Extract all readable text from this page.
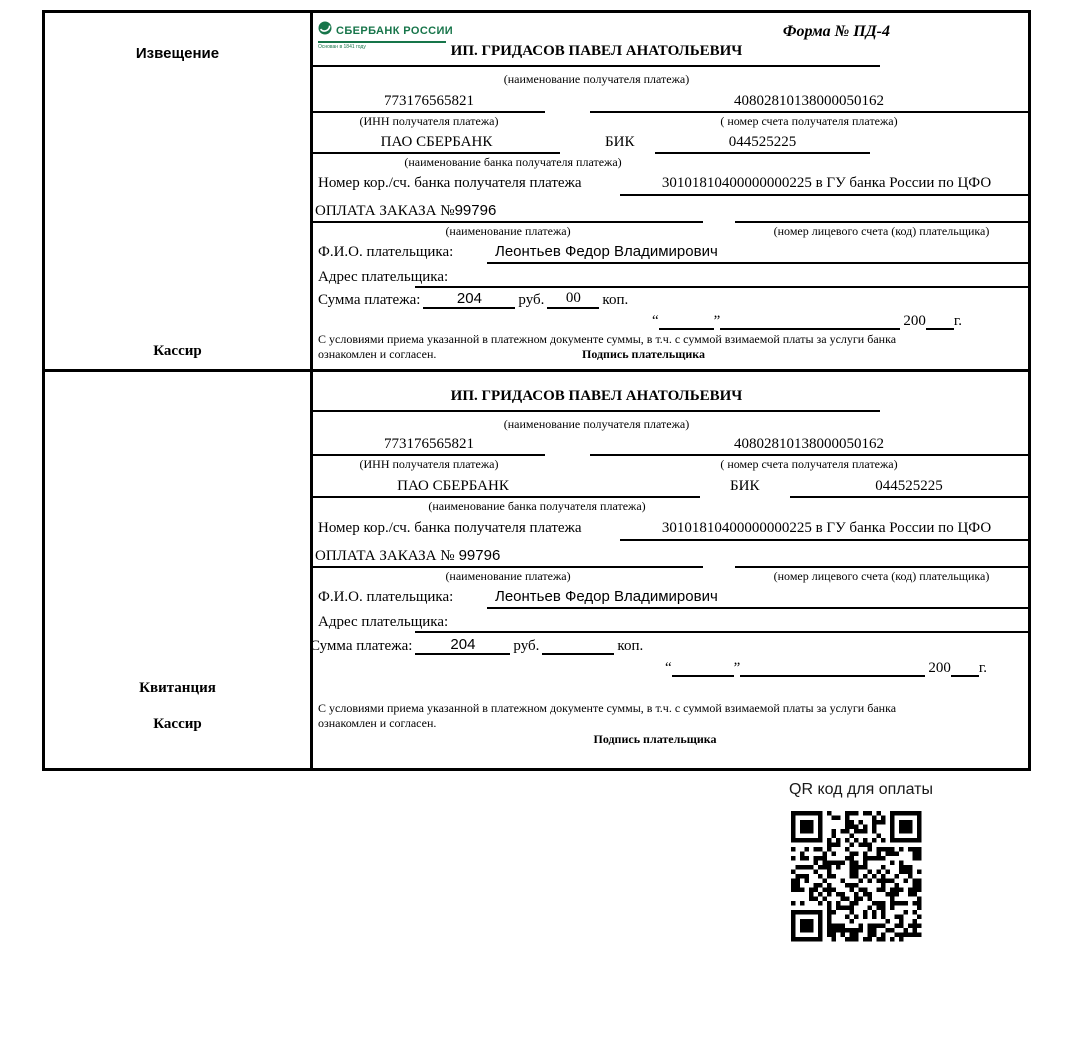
Извещение
Кассир
СБЕРБАНК РОССИИ
Основан в 1841 году
Форма № ПД-4
ИП. ГРИДАСОВ ПАВЕЛ АНАТОЛЬЕВИЧ
(наименование получателя платежа)
773176565821	40802810138000050162
(ИНН получателя платежа)	( номер счета получателя платежа)
ПАО СБЕРБАНК	БИК	044525225
(наименование банка получателя платежа)
Номер кор./сч. банка получателя платежа	30101810400000000225 в ГУ банка России по ЦФО
ОПЛАТА ЗАКАЗА №99796
(наименование платежа)	(номер лицевого счета (код) плательщика)
Ф.И.О. плательщика:	Леонтьев Федор Владимирович
Адрес плательщика:
Сумма платежа:	204	руб.	00	коп.
“	”	200 г.
С условиями приема указанной в платежном документе суммы, в т.ч. с суммой взимаемой платы за услуги банка
ознакомлен и согласен.	Подпись плательщика
Квитанция
Кассир
ИП. ГРИДАСОВ ПАВЕЛ АНАТОЛЬЕВИЧ
(наименование получателя платежа)
773176565821	40802810138000050162
(ИНН получателя платежа)	( номер счета получателя платежа)
ПАО СБЕРБАНК	БИК	044525225
(наименование банка получателя платежа)
Номер кор./сч. банка получателя платежа	30101810400000000225 в ГУ банка России по ЦФО
ОПЛАТА ЗАКАЗА № 99796
(наименование платежа)	(номер лицевого счета (код) плательщика)
Ф.И.О. плательщика:	Леонтьев Федор Владимирович
Адрес плательщика:
Сумма платежа:	204	руб.	коп.
“	”	200 г.
С условиями приема указанной в платежном документе суммы, в т.ч. с суммой взимаемой платы за услуги банка
ознакомлен и согласен.
Подпись плательщика
QR код для оплаты
